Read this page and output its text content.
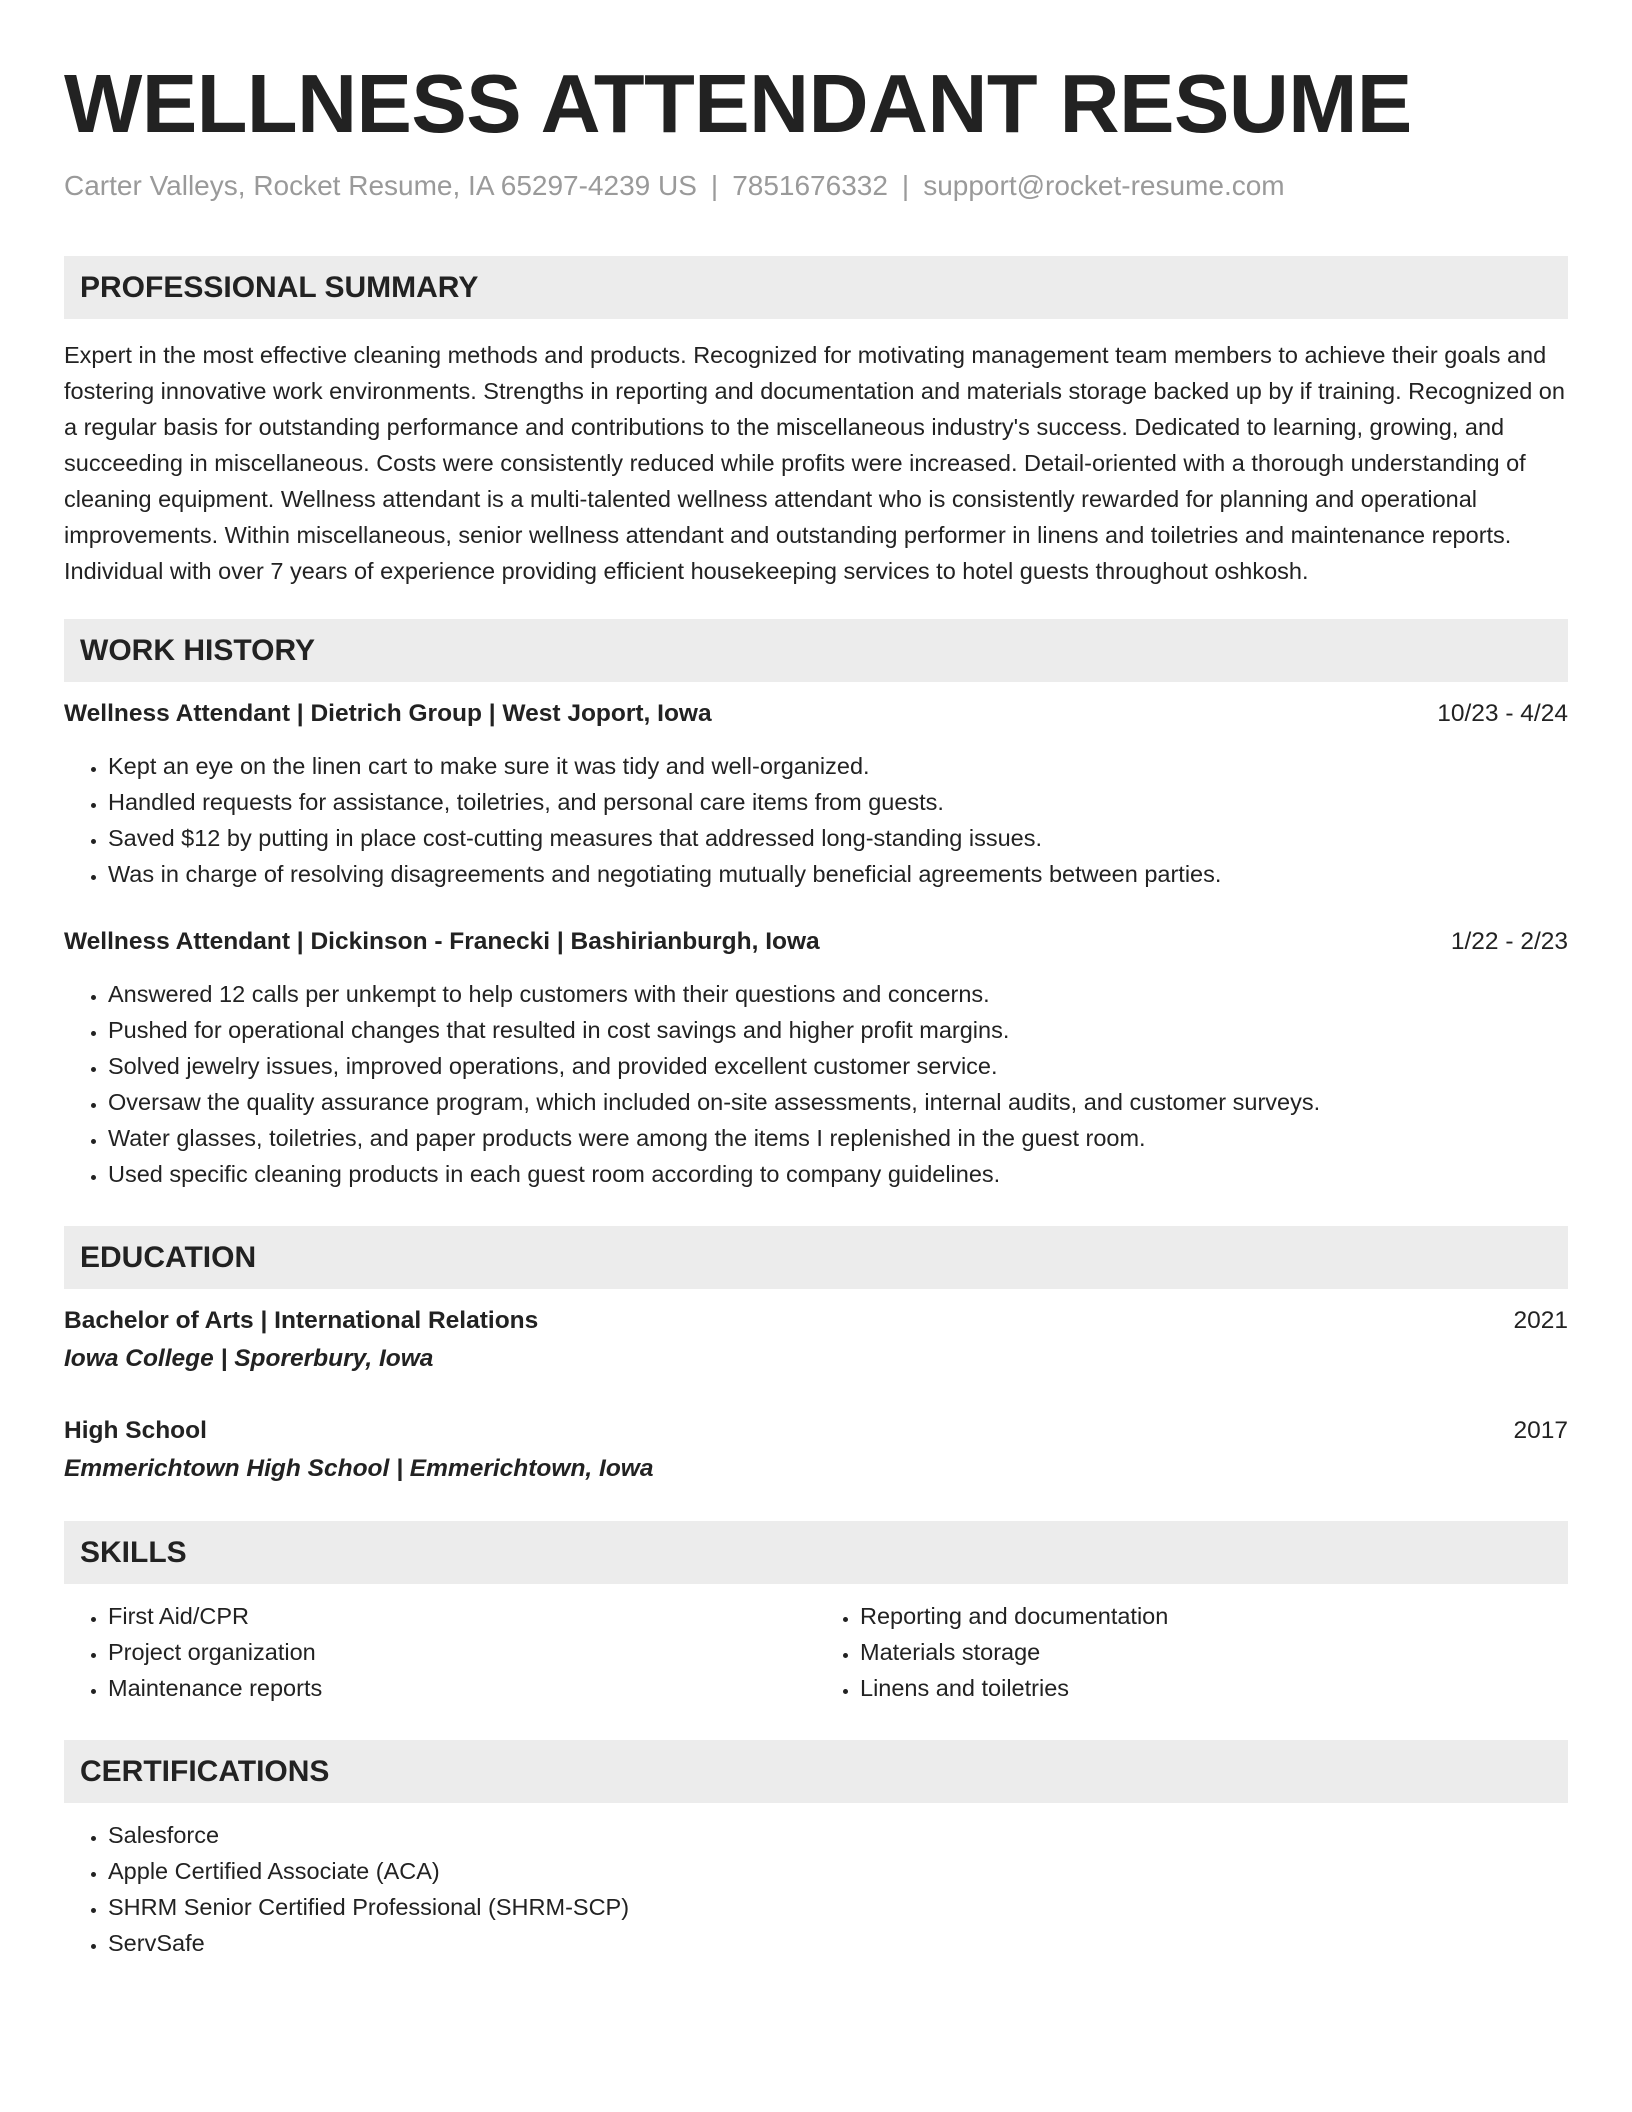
WELLNESS ATTENDANT RESUME
Carter Valleys, Rocket Resume, IA 65297-4239 US | 7851676332 | support@rocket-resume.com
PROFESSIONAL SUMMARY
Expert in the most effective cleaning methods and products. Recognized for motivating management team members to achieve their goals and fostering innovative work environments. Strengths in reporting and documentation and materials storage backed up by if training. Recognized on a regular basis for outstanding performance and contributions to the miscellaneous industry's success. Dedicated to learning, growing, and succeeding in miscellaneous. Costs were consistently reduced while profits were increased. Detail-oriented with a thorough understanding of cleaning equipment. Wellness attendant is a multi-talented wellness attendant who is consistently rewarded for planning and operational improvements. Within miscellaneous, senior wellness attendant and outstanding performer in linens and toiletries and maintenance reports. Individual with over 7 years of experience providing efficient housekeeping services to hotel guests throughout oshkosh.
WORK HISTORY
Wellness Attendant | Dietrich Group | West Joport, Iowa	10/23 - 4/24
• Kept an eye on the linen cart to make sure it was tidy and well-organized.
• Handled requests for assistance, toiletries, and personal care items from guests.
• Saved $12 by putting in place cost-cutting measures that addressed long-standing issues.
• Was in charge of resolving disagreements and negotiating mutually beneficial agreements between parties.
Wellness Attendant | Dickinson - Franecki | Bashirianburgh, Iowa	1/22 - 2/23
• Answered 12 calls per unkempt to help customers with their questions and concerns.
• Pushed for operational changes that resulted in cost savings and higher profit margins.
• Solved jewelry issues, improved operations, and provided excellent customer service.
• Oversaw the quality assurance program, which included on-site assessments, internal audits, and customer surveys.
• Water glasses, toiletries, and paper products were among the items I replenished in the guest room.
• Used specific cleaning products in each guest room according to company guidelines.
EDUCATION
Bachelor of Arts | International Relations	2021
Iowa College | Sporerbury, Iowa
High School	2017
Emmerichtown High School | Emmerichtown, Iowa
SKILLS
• First Aid/CPR
• Project organization
• Maintenance reports
• Reporting and documentation
• Materials storage
• Linens and toiletries
CERTIFICATIONS
• Salesforce
• Apple Certified Associate (ACA)
• SHRM Senior Certified Professional (SHRM-SCP)
• ServSafe
